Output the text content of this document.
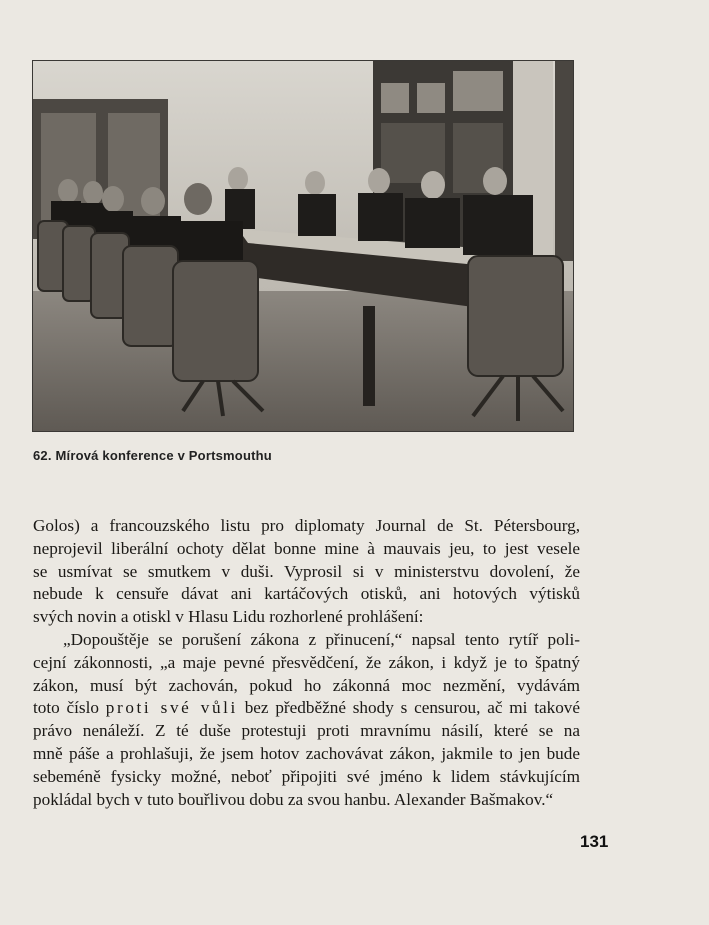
62. Mírová konference v Portsmouthu
Golos) a francouzského listu pro diplomaty Journal de St. Pétersbourg,
neprojevil liberální ochoty dělat bonne mine à mauvais jeu, to jest vesele
se usmívat se smutkem v duši. Vyprosil si v ministerstvu dovolení, že
nebude k censuře dávat ani kartáčových otisků, ani hotových výtisků
svých novin a otiskl v Hlasu Lidu rozhorlené prohlášení:
„Dopouštěje se porušení zákona z přinucení,“ napsal tento rytíř poli-
cejní zákonnosti, „a maje pevné přesvědčení, že zákon, i když je to špatný
zákon, musí být zachován, pokud ho zákonná moc nezmění, vydávám
toto číslo proti své vůli bez předběžné shody s censurou, ač mi takové
právo nenáleží. Z té duše protestuji proti mravnímu násilí, které se na
mně páše a prohlašuji, že jsem hotov zachovávat zákon, jakmile to jen bude
sebeméně fysicky možné, neboť připojiti své jméno k lidem stávkujícím
pokládal bych v tuto bouřlivou dobu za svou hanbu. Alexander Bašmakov.“
131
